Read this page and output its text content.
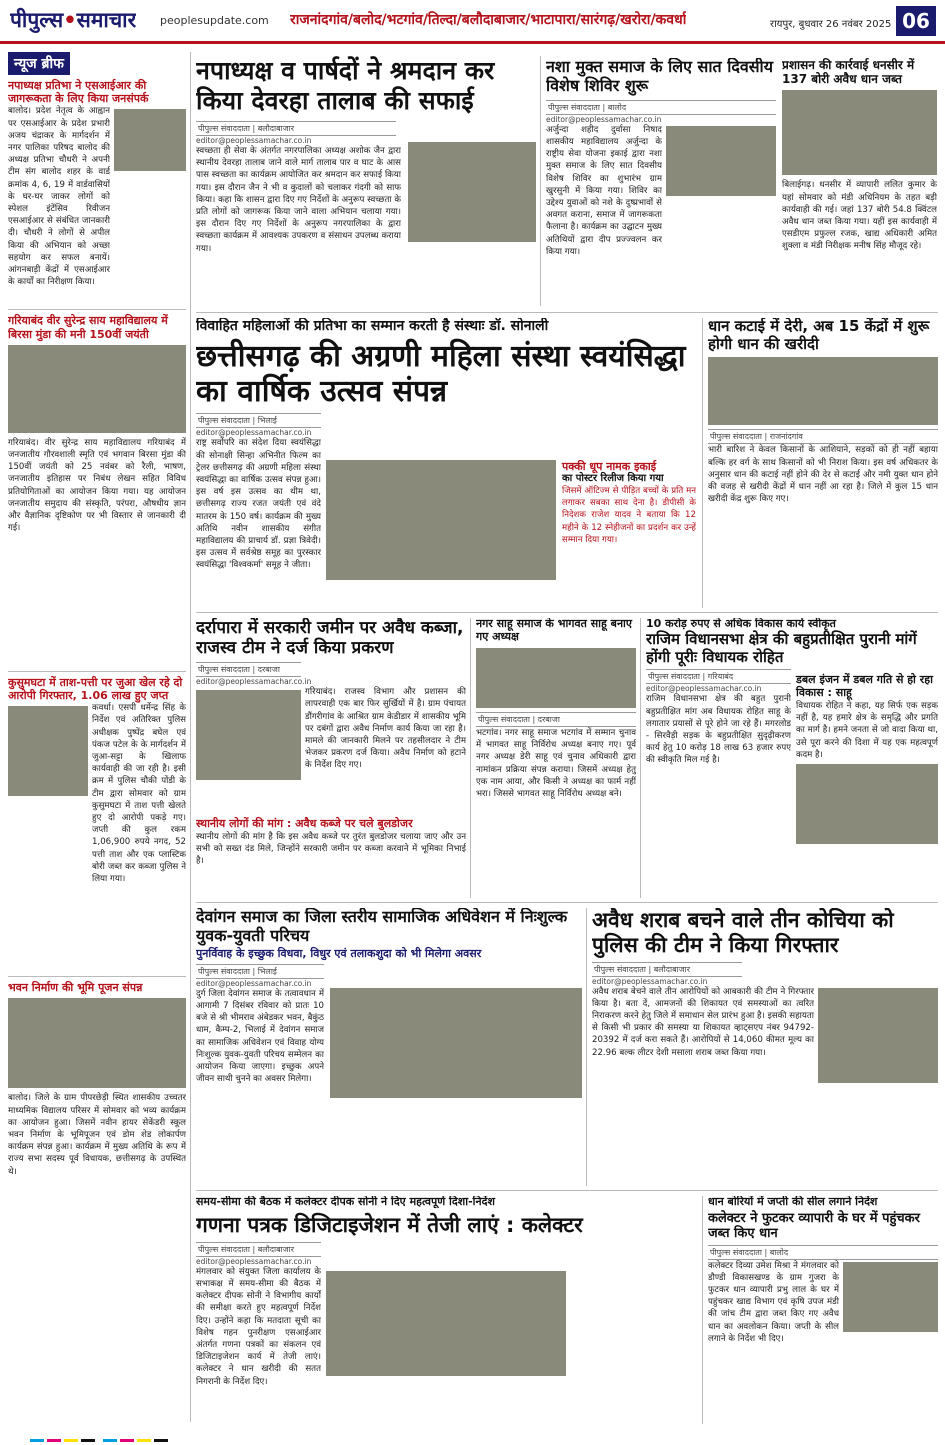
पीपुल्स•समाचार peoplesupdate.com राजनांदगांव/बलोद/भटगांव/तिल्दा/बलौदाबाजार/भाटापारा/सारंगढ़/खरोरा/कवर्धा	रायपुर, बुधवार 26 नवंबर 2025 06
न्यूज ब्रीफ
नपाध्यक्ष प्रतिभा ने एसआईआर की जागरूकता के लिए किया जनसंपर्क
बालोद। प्रदेश नेतृत्व के आह्वान पर एसआईआर के प्रदेश प्रभारी अजय चंद्राकर के मार्गदर्शन में नगर पालिका परिषद बालोद की अध्यक्ष प्रतिभा चौधरी ने अपनी टीम संग बालोद शहर के वार्ड क्रमांक 4, 6, 19 में वार्डवासियों के घर-घर जाकर लोगों को स्पेशल इंटेंसिव रिवीजन एसआईआर से संबंधित जानकारी दी। चौधरी ने लोगों से अपील किया की अभियान को अच्छा सहयोग कर सफल बनायें। आंगनबाड़ी केंद्रों में एसआईआर के कार्यों का निरीक्षण किया।
गरियाबंद वीर सुरेन्द्र साय महाविद्यालय में बिरसा मुंडा की मनी 150वीं जयंती
गरियाबंद। वीर सुरेन्द्र साय महाविद्यालय गरियाबंद में जनजातीय गौरवशाली स्मृति एवं भगवान बिरसा मुंडा की 150वीं जयंती को 25 नवंबर को रैली, भाषण, जनजातीय इतिहास पर निबंध लेखन सहित विविध प्रतियोगिताओं का आयोजन किया गया। यह आयोजन जनजातीय समुदाय की संस्कृति, परंपरा, औषधीय ज्ञान और वैज्ञानिक दृष्टिकोण पर भी विस्तार से जानकारी दी गई।
कुसुमघटा में ताश-पत्ती पर जुआ खेल रहे दो आरोपी गिरफ्तार, 1.06 लाख हुए जप्त
कवर्धा। एसपी धर्मेन्द्र सिंह के निर्देश एवं अतिरिक्त पुलिस अधीक्षक पुष्पेंद्र बघेल एवं पंकज पटेल के के मार्गदर्शन में जुआ-सट्टा के खिलाफ कार्यवाही की जा रही है। इसी क्रम में पुलिस चौकी पोंडी के टीम द्वारा सोमवार को ग्राम कुसुमघटा में ताश पत्ती खेलते हुए दो आरोपी पकड़े गए। जप्ती की कुल रकम 1,06,900 रुपये नगद, 52 पत्ती ताश और एक प्लास्टिक बोरी जब्त कर कब्जा पुलिस ने लिया गया।
भवन निर्माण की भूमि पूजन संपन्न
बालोद। जिले के ग्राम पीपरछेड़ी स्थित शासकीय उच्चतर माध्यमिक विद्यालय परिसर में सोमवार को भव्य कार्यक्रम का आयोजन हुआ। जिसमें नवीन हायर सेकेंडरी स्कूल भवन निर्माण के भूमिपूजन एवं डोम शेड लोकार्पण कार्यक्रम संपन्न हुआ। कार्यक्रम में मुख्य अतिथि के रूप में राज्य सभा सदस्य पूर्व विधायक, छत्तीसगढ़ के उपस्थित थे।
नपाध्यक्ष व पार्षदों ने श्रमदान कर किया देवरहा तालाब की सफाई
पीपुल्स संवाददाता | बलौदाबाजार
editor@peoplessamachar.co.in
स्वच्छता ही सेवा के अंतर्गत नगरपालिका अध्यक्ष अशोक जैन द्वारा स्थानीय देवरहा तालाब जाने वाले मार्ग तालाब पार व घाट के आस पास स्वच्छता का कार्यक्रम आयोजित कर श्रमदान कर सफाई किया गया। इस दौरान जैन ने भी व कुदालों को चलाकर गंदगी को साफ किया। कहा कि शासन द्वारा दिए गए निर्देशों के अनुरूप स्वच्छता के प्रति लोगों को जागरूक किया जाने वाला अभियान चलाया गया। इस दौरान दिए गए निर्देशों के अनुरूप नगरपालिका के द्वारा स्वच्छता कार्यक्रम में आवश्यक उपकरण व संसाधन उपलब्ध कराया गया।
नशा मुक्त समाज के लिए सात दिवसीय विशेष शिविर शुरू
पीपुल्स संवाददाता | बालोद
editor@peoplessamachar.co.in
अर्जुन्दा शहीद दुर्वासा निषाद शासकीय महाविद्यालय अर्जुन्दा के राष्ट्रीय सेवा योजना इकाई द्वारा नशा मुक्त समाज के लिए सात दिवसीय विशेष शिविर का शुभारंभ ग्राम खुरसुनी में किया गया। शिविर का उद्देश्य युवाओं को नशे के दुष्प्रभावों से अवगत कराना, समाज में जागरूकता फैलाना है। कार्यक्रम का उद्घाटन मुख्य अतिथियों द्वारा दीप प्रज्ज्वलन कर किया गया।
प्रशासन की कार्रवाई धनसीर में 137 बोरी अवैध धान जब्त
बिलाईगढ़। धनसीर में व्यापारी ललित कुमार के यहां सोमवार को मंडी अधिनियम के तहत बड़ी कार्यवाही की गई। जहां 137 बोरी 54.8 क्विंटल अवैध धान जब्त किया गया। यहीं इस कार्यवाही में एसडीएम प्रफुल्ल रजक, खाद्य अधिकारी अमित शुक्ला व मंडी निरीक्षक मनीष सिंह मौजूद रहे।
विवाहित महिलाओं की प्रतिभा का सम्मान करती है संस्थाः डॉ. सोनाली
छत्तीसगढ़ की अग्रणी महिला संस्था स्वयंसिद्धा का वार्षिक उत्सव संपन्न
पीपुल्स संवाददाता | भिलाई
editor@peoplessamachar.co.in
राष्ट्र सर्वोपरि का संदेश दिया स्वयंसिद्धा की सोनाक्षी सिन्हा अभिनीत फिल्म का ट्रेलर छत्तीसगढ़ की अग्रणी महिला संस्था स्वयंसिद्धा का वार्षिक उत्सव संपन्न हुआ। इस वर्ष इस उत्सव का थीम था, छत्तीसगढ़ राज्य रजत जयंती एवं वंदे मातरम के 150 वर्ष। कार्यक्रम की मुख्य अतिथि नवीन शासकीय संगीत महाविद्यालय की प्राचार्य डॉ. प्रज्ञा त्रिवेदी। इस उत्सव में सर्वश्रेष्ठ समूह का पुरस्कार स्वयंसिद्धा 'विश्वकर्मा' समूह ने जीता।
पक्की धूप नामक इकाई
का पोस्टर रिलीज किया गया
जिसमें ऑटिज्म से पीड़ित बच्चों के प्रति मन लगाकर सबका साथ देना है। डीपीसी के निदेशक राजेश यादव ने बताया कि 12 महीने के 12 स्नेहीजनों का प्रदर्शन कर उन्हें सम्मान दिया गया।
धान कटाई में देरी, अब 15 केंद्रों में शुरू होगी धान की खरीदी
पीपुल्स संवाददाता | राजनांदगांव
भारी बारिश ने केवल किसानों के आशियाने, सड़कों को ही नहीं बहाया बल्कि हर वर्ग के साथ किसानों को भी निराश किया। इस वर्ष अधिकतर के अनुसार धान की कटाई नहीं होने की देर से कटाई और नमी युक्त धान होने की वजह से खरीदी केंद्रों में धान नहीं आ रहा है। जिले में कुल 15 धान खरीदी केंद्र शुरू किए गए।
दर्रापारा में सरकारी जमीन पर अवैध कब्जा, राजस्व टीम ने दर्ज किया प्रकरण
पीपुल्स संवाददाता | दरबाजा
editor@peoplessamachar.co.in
गरियाबंद। राजस्व विभाग और प्रशासन की लापरवाही एक बार फिर सुर्खियों में है। ग्राम पंचायत डौंगरीगांव के आश्रित ग्राम केडीडार में शासकीय भूमि पर दबंगों द्वारा अवैध निर्माण कार्य किया जा रहा है। मामले की जानकारी मिलने पर तहसीलदार ने टीम भेजकर प्रकरण दर्ज किया। अवैध निर्माण को हटाने के निर्देश दिए गए।
स्थानीय लोगों की मांग : अवैध कब्जे पर चले बुलडोजर
स्थानीय लोगों की मांग है कि इस अवैध कब्जे पर तुरंत बुलडोजर चलाया जाए और उन सभी को सख्त दंड मिले, जिन्होंने सरकारी जमीन पर कब्जा करवाने में भूमिका निभाई है।
नगर साहू समाज के भागवत साहू बनाए गए अध्यक्ष
पीपुल्स संवाददाता | दरबाजा
भटगांव। नगर साहू समाज भटगांव में सम्मान चुनाव में भागवत साहू निर्विरोध अध्यक्ष बनाए गए। पूर्व नगर अध्यक्ष डेरी साहू एवं चुनाव अधिकारी द्वारा नामांकन प्रक्रिया संपन्न कराया। जिसमें अध्यक्ष हेतु एक नाम आया, और किसी ने अध्यक्ष का फार्म नहीं भरा। जिससे भागवत साहू निर्विरोध अध्यक्ष बने।
10 करोड़ रुपए से अधिक विकास कार्य स्वीकृत
राजिम विधानसभा क्षेत्र की बहुप्रतीक्षित पुरानी मांगें होंगी पूरीः विधायक रोहित
पीपुल्स संवाददाता | गरियाबंद
editor@peoplessamachar.co.in
राजिम विधानसभा क्षेत्र की बहुत पुरानी बहुप्रतीक्षित मांग अब विधायक रोहित साहू के लगातार प्रयासों से पूरे होने जा रहे हैं। मगरलोड - सिरवैड़ी सड़क के बहुप्रतीक्षित सुदृढ़ीकरण कार्य हेतु 10 करोड़ 18 लाख 63 हजार रुपए की स्वीकृति मिल गई है।
डबल इंजन में डबल गति से हो रहा विकास : साहू
विधायक रोहित ने कहा, यह सिर्फ एक सड़क नहीं है, यह हमारे क्षेत्र के समृद्धि और प्रगति का मार्ग है। हमने जनता से जो वादा किया था, उसे पूरा करने की दिशा में यह एक महत्वपूर्ण कदम है।
देवांगन समाज का जिला स्तरीय सामाजिक अधिवेशन में निःशुल्क युवक-युवती परिचय
पुनर्विवाह के इच्छुक विधवा, विधुर एवं तलाकशुदा को भी मिलेगा अवसर
पीपुल्स संवाददाता | भिलाई
editor@peoplessamachar.co.in
दुर्ग जिला देवांगन समाज के तत्वावधान में आगामी 7 दिसंबर रविवार को प्रातः 10 बजे से श्री भीमराव अंबेडकर भवन, बैकुंठ धाम, कैम्प-2, भिलाई में देवांगन समाज का सामाजिक अधिवेशन एवं विवाह योग्य निःशुल्क युवक-युवती परिचय सम्मेलन का आयोजन किया जाएगा। इच्छुक अपने जीवन साथी चुनने का अवसर मिलेगा।
अवैध शराब बचने वाले तीन कोचिया को पुलिस की टीम ने किया गिरफ्तार
पीपुल्स संवाददाता | बलौदाबाजार
editor@peoplessamachar.co.in
अवैध शराब बेचने वाले तीन आरोपियों को आबकारी की टीम ने गिरफ्तार किया है। बता दें, आमजनों की शिकायत एवं समस्याओं का त्वरित निराकरण करने हेतु जिले में समाधान सेल प्रारंभ हुआ है। इसकी सहायता से किसी भी प्रकार की समस्या या शिकायत व्हाट्सएप नंबर 94792-20392 में दर्ज करा सकते हैं। आरोपियों से 14,060 कीमत मूल्य का 22.96 बल्क लीटर देशी मसाला शराब जब्त किया गया।
समय-सीमा की बैठक में कलेक्टर दीपक सोनी ने दिए महत्वपूर्ण दिशा-निर्देश
गणना पत्रक डिजिटाइजेशन में तेजी लाएं : कलेक्टर
पीपुल्स संवाददाता | बलौदाबाजार
editor@peoplessamachar.co.in
मंगलवार को संयुक्त जिला कार्यालय के सभाकक्ष में समय-सीमा की बैठक में कलेक्टर दीपक सोनी ने विभागीय कार्यों की समीक्षा करते हुए महत्वपूर्ण निर्देश दिए। उन्होंने कहा कि मतदाता सूची का विशेष गहन पुनरीक्षण एसआईआर अंतर्गत गणना पत्रकों का संकलन एवं डिजिटाइजेशन कार्य में तेजी लाएं। कलेक्टर ने धान खरीदी की सतत निगरानी के निर्देश दिए।
धान बोरियों में जप्ती की सील लगाने निर्देश
कलेक्टर ने फुटकर व्यापारी के घर में पहुंचकर जब्त किए धान
पीपुल्स संवाददाता | बालोद
कलेक्टर दिव्या उमेश मिश्रा ने मंगलवार को डौण्डी विकासखण्ड के ग्राम गुजरा के फुटकर धान व्यापारी प्रभु लाल के घर में पहुंचकर खाद्य विभाग एवं कृषि उपज मंडी की जांच टीम द्वारा जब्त किए गए अवैध धान का अवलोकन किया। जप्ती के सील लगाने के निर्देश भी दिए।
